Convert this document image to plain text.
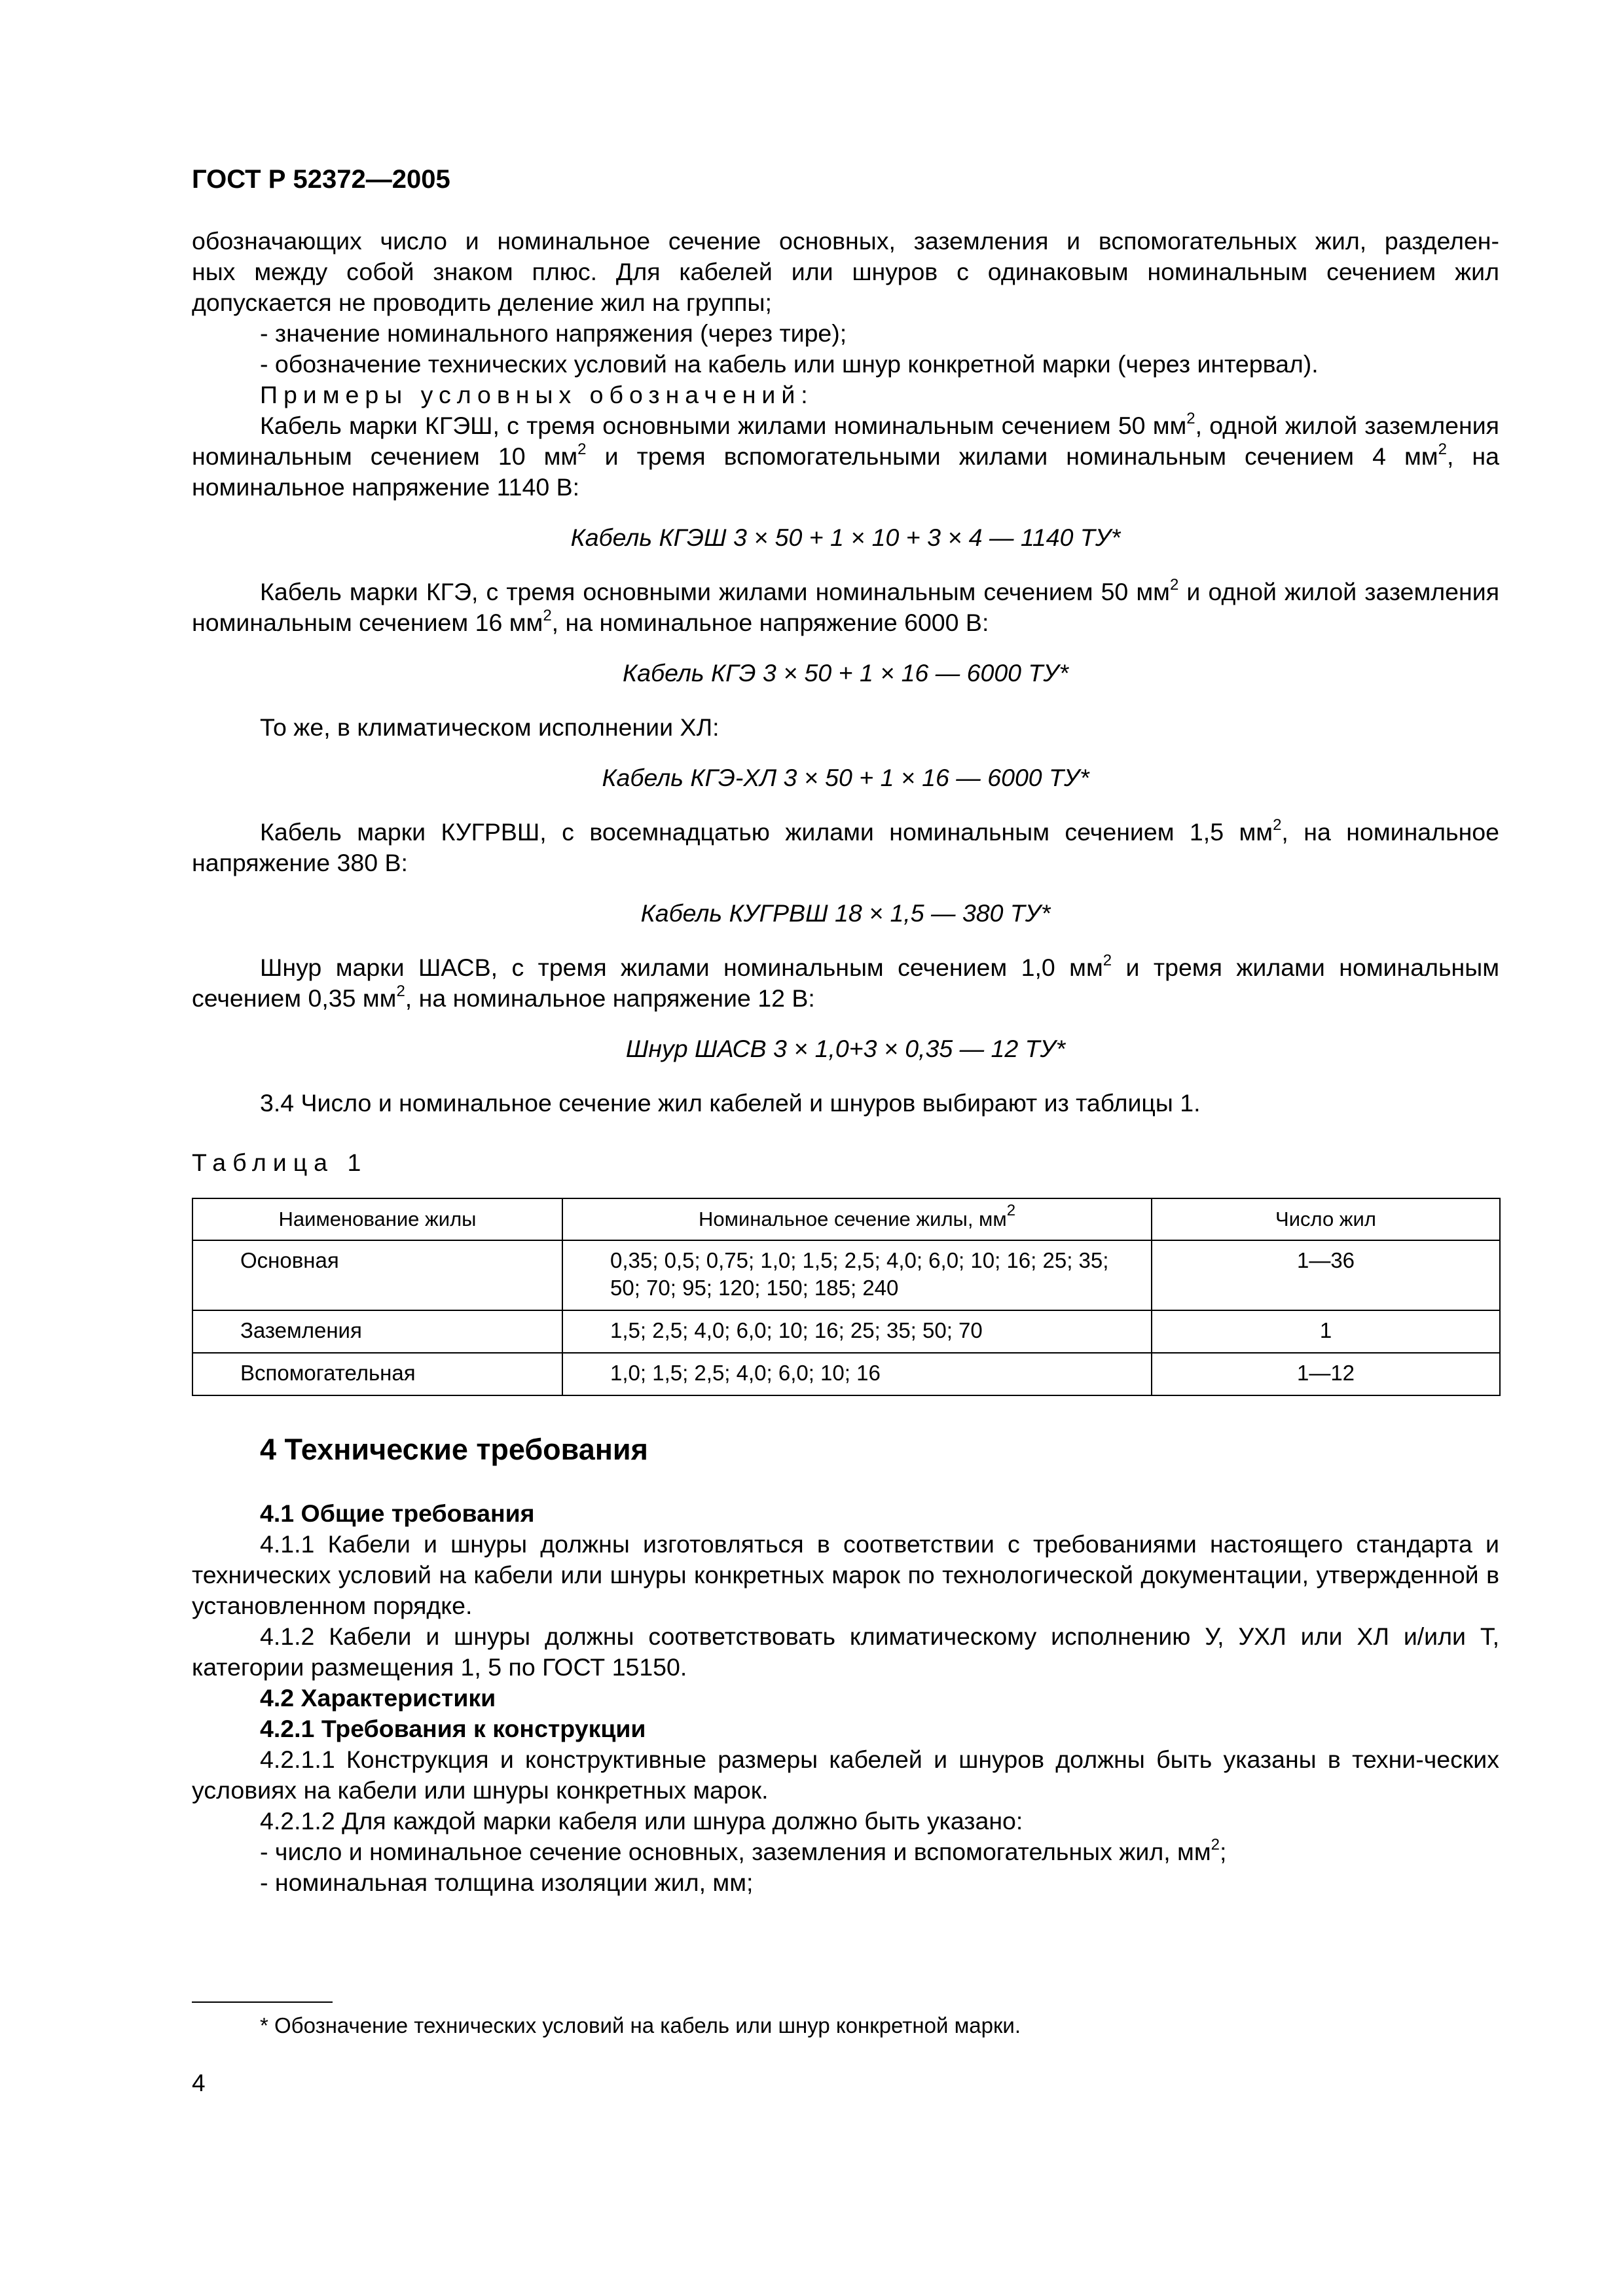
ГОСТ Р 52372—2005

обозначающих число и номинальное сечение основных, заземления и вспомогательных жил, разделен-

ных между собой знаком плюс. Для кабелей или шнуров с одинаковым номинальным сечением жил

допускается не проводить деление жил на группы;

- значение номинального напряжения (через тире);

- обозначение технических условий на кабель или шнур конкретной марки (через интервал).

Примеры условных обозначений:

Кабель марки КГЭШ, с тремя основными жилами номинальным сечением 50 $мм^2$, одной жилой заземления номинальным сечением 10 $мм^2$ и тремя вспомогательными жилами номинальным сечением 4 $мм^2$, на номинальное напряжение 1140 В:

Кабель КГЭШ 3 × 50 + 1 × 10 + 3 × 4 — 1140 ТУ*

Кабель марки КГЭ, с тремя основными жилами номинальным сечением 50 $мм^2$ и одной жилой заземления номинальным сечением 16 $мм^2$, на номинальное напряжение 6000 В:

Кабель КГЭ 3 × 50 + 1 × 16 — 6000 ТУ*

То же, в климатическом исполнении ХЛ:

Кабель КГЭ-ХЛ 3 × 50 + 1 × 16 — 6000 ТУ*

Кабель марки КУГРВШ, с восемнадцатью жилами номинальным сечением 1,5 $мм^2$, на номинальное напряжение 380 В:

Кабель КУГРВШ 18 × 1,5 — 380 ТУ*

Шнур марки ШАСВ, с тремя жилами номинальным сечением 1,0 $мм^2$ и тремя жилами номинальным сечением 0,35 $мм^2$, на номинальное напряжение 12 В:

Шнур ШАСВ 3 × 1,0+3 × 0,35 — 12 ТУ*

3.4 Число и номинальное сечение жил кабелей и шнуров выбирают из таблицы 1.

Таблица 1

Наименование жилы	Номинальное сечение жилы, $мм^2$	Число жил
Основная	0,35; 0,5; 0,75; 1,0; 1,5; 2,5; 4,0; 6,0; 10; 16; 25; 35; 50; 70; 95; 120; 150; 185; 240	1—36
Заземления	1,5; 2,5; 4,0; 6,0; 10; 16; 25; 35; 50; 70	1
Вспомогательная	1,0; 1,5; 2,5; 4,0; 6,0; 10; 16	1—12
4 Технические требования

4.1 Общие требования

4.1.1 Кабели и шнуры должны изготовляться в соответствии с требованиями настоящего стандарта и технических условий на кабели или шнуры конкретных марок по технологической документации, утвержденной в установленном порядке.

4.1.2 Кабели и шнуры должны соответствовать климатическому исполнению У, УХЛ или ХЛ и/или Т, категории размещения 1, 5 по ГОСТ 15150.

4.2 Характеристики

4.2.1 Требования к конструкции

4.2.1.1 Конструкция и конструктивные размеры кабелей и шнуров должны быть указаны в техни-ческих условиях на кабели или шнуры конкретных марок.

4.2.1.2 Для каждой марки кабеля или шнура должно быть указано:

- число и номинальное сечение основных, заземления и вспомогательных жил, $мм^2$;

- номинальная толщина изоляции жил, мм;

* Обозначение технических условий на кабель или шнур конкретной марки.
4
